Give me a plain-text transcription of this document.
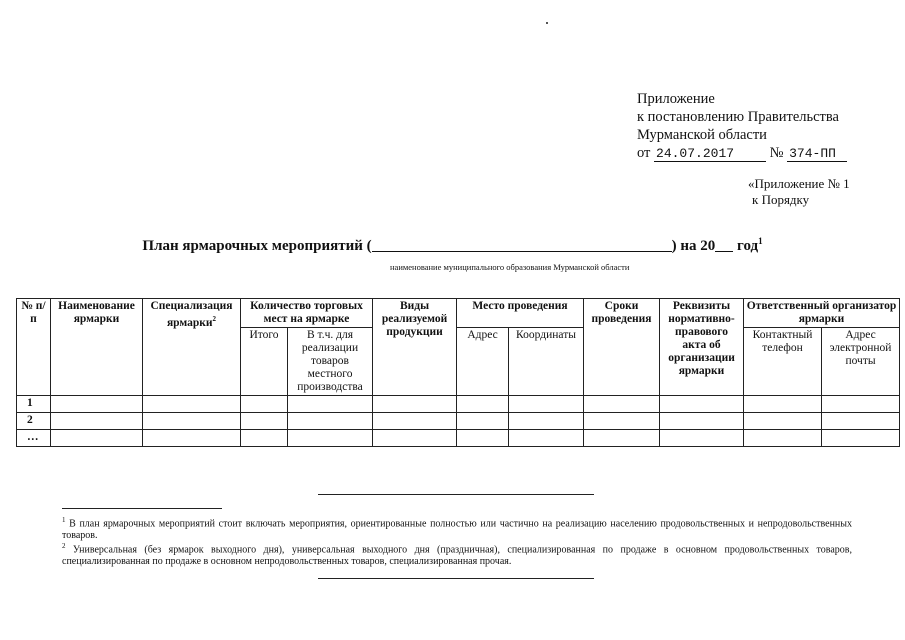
Приложение
к постановлению Правительства
Мурманской области
от 24.07.2017 № 374-ПП
«Приложение № 1
к Порядку
План ярмарочных мероприятий (	) на 20 год$^1$
наименование муниципального образования Мурманской области
№ п/п	Наименование ярмарки	Специализация ярмарки$^2$	Количество торговых мест на ярмарке		Виды реализуемой продукции	Место проведения		Сроки проведения	Реквизиты нормативно-правового акта об организации ярмарки	Ответственный организатор ярмарки	
			Итого	В т.ч. для реализации товаров местного производства		Адрес	Координаты			Контактный телефон	Адрес электронной почты
1											
2											
…											
$^1$ В план ярмарочных мероприятий стоит включать мероприятия, ориентированные полностью или частично на реализацию населению продовольственных и непродовольственных товаров.
$^2$ Универсальная (без ярмарок выходного дня), универсальная выходного дня (праздничная), специализированная по продаже в основном продовольственных товаров, специализированная по продаже в основном непродовольственных товаров, специализированная прочая.
